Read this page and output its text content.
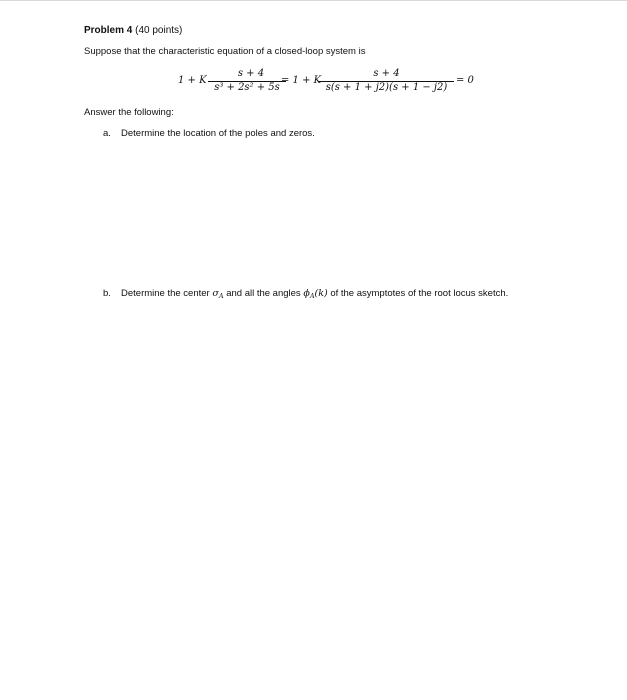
Problem 4 (40 points)
Suppose that the characteristic equation of a closed-loop system is
1 + K
s + 4
s³ + 2s² + 5s
= 1 + K
s + 4
s(s + 1 + j2)(s + 1 − j2)
= 0
Answer the following:
a. Determine the location of the poles and zeros.
b. Determine the center $\sigma_A$ and all the angles $\phi_A(k)$ of the asymptotes of the root locus sketch.
